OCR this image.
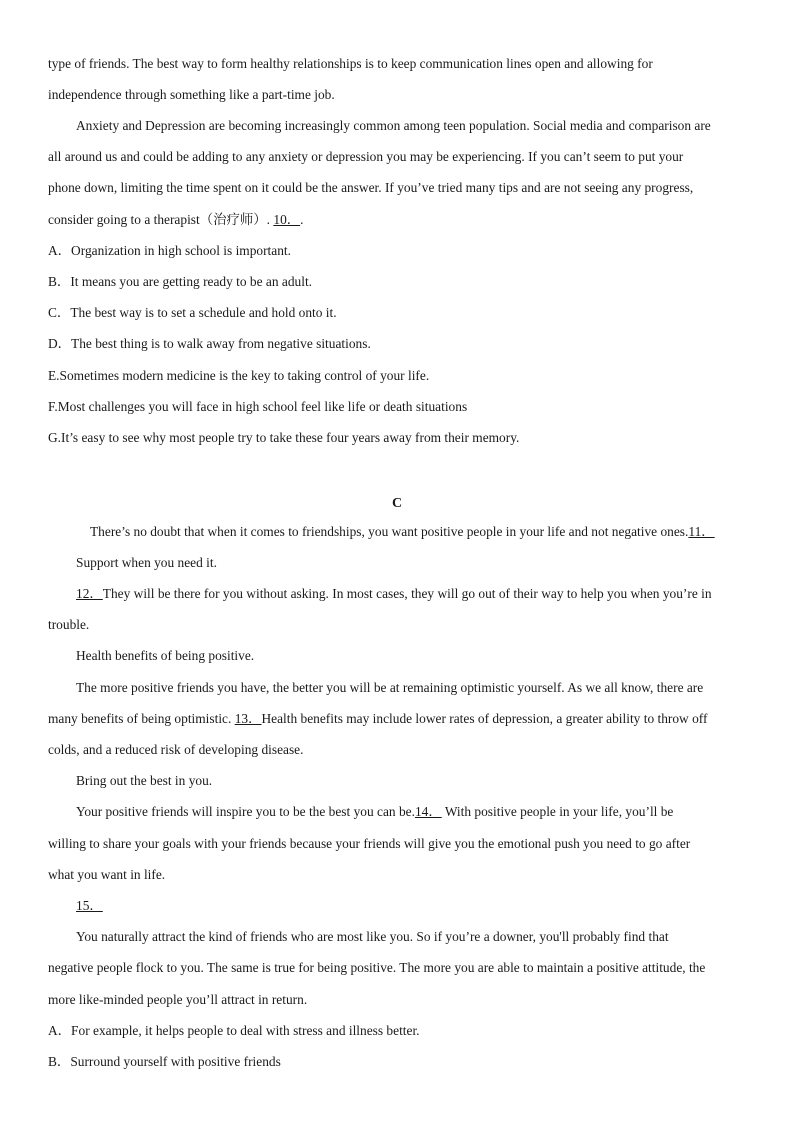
type of friends. The best way to form healthy relationships is to keep communication lines open and allowing for
independence through something like a part-time job.
Anxiety and Depression are becoming increasingly common among teen population. Social media and comparison are
all around us and could be adding to any anxiety or depression you may be experiencing. If you can’t seem to put your
phone down, limiting the time spent on it could be the answer. If you’ve tried many tips and are not seeing any progress,
consider going to a therapist（治疗师）. 10．.
A．Organization in high school is important.
B．It means you are getting ready to be an adult.
C．The best way is to set a schedule and hold onto it.
D．The best thing is to walk away from negative situations.
E.Sometimes modern medicine is the key to taking control of your life.
F.Most challenges you will face in high school feel like life or death situations
G.It’s easy to see why most people try to take these four years away from their memory.
C
There’s no doubt that when it comes to friendships, you want positive people in your life and not negative ones.11．
Support when you need it.
12．They will be there for you without asking. In most cases, they will go out of their way to help you when you’re in
trouble.
Health benefits of being positive.
The more positive friends you have, the better you will be at remaining optimistic yourself. As we all know, there are
many benefits of being optimistic. 13．Health benefits may include lower rates of depression, a greater ability to throw off
colds, and a reduced risk of developing disease.
Bring out the best in you.
Your positive friends will inspire you to be the best you can be.14． With positive people in your life, you’ll be
willing to share your goals with your friends because your friends will give you the emotional push you need to go after
what you want in life.
15．
You naturally attract the kind of friends who are most like you. So if you’re a downer, you'll probably find that
negative people flock to you. The same is true for being positive. The more you are able to maintain a positive attitude, the
more like-minded people you’ll attract in return.
A．For example, it helps people to deal with stress and illness better.
B．Surround yourself with positive friends
